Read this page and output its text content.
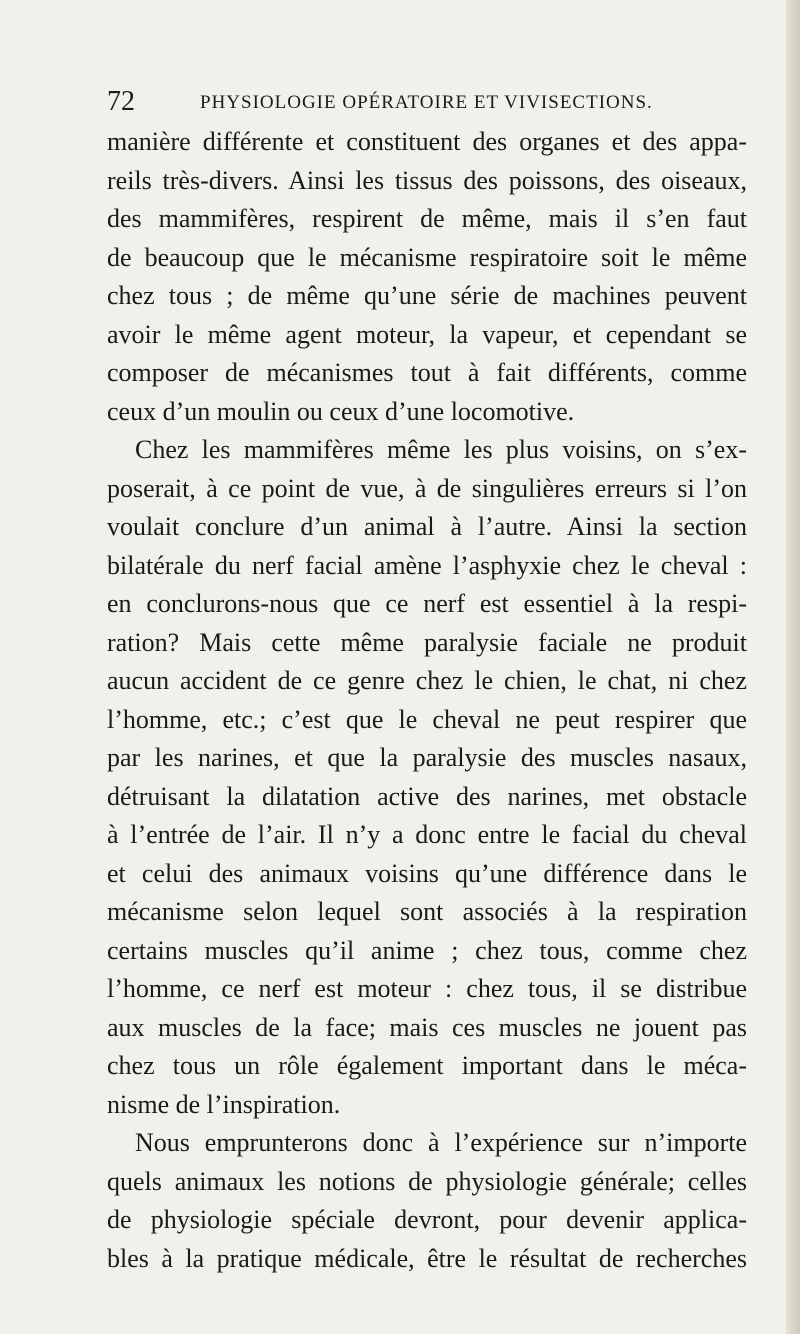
72	PHYSIOLOGIE OPÉRATOIRE ET VIVISECTIONS.
manière différente et constituent des organes et des appa-
reils très-divers. Ainsi les tissus des poissons, des oiseaux,
des mammifères, respirent de même, mais il s’en faut
de beaucoup que le mécanisme respiratoire soit le même
chez tous ; de même qu’une série de machines peuvent
avoir le même agent moteur, la vapeur, et cependant se
composer de mécanismes tout à fait différents, comme
ceux d’un moulin ou ceux d’une locomotive.
Chez les mammifères même les plus voisins, on s’ex-
poserait, à ce point de vue, à de singulières erreurs si l’on
voulait conclure d’un animal à l’autre. Ainsi la section
bilatérale du nerf facial amène l’asphyxie chez le cheval :
en conclurons-nous que ce nerf est essentiel à la respi-
ration? Mais cette même paralysie faciale ne produit
aucun accident de ce genre chez le chien, le chat, ni chez
l’homme, etc.; c’est que le cheval ne peut respirer que
par les narines, et que la paralysie des muscles nasaux,
détruisant la dilatation active des narines, met obstacle
à l’entrée de l’air. Il n’y a donc entre le facial du cheval
et celui des animaux voisins qu’une différence dans le
mécanisme selon lequel sont associés à la respiration
certains muscles qu’il anime ; chez tous, comme chez
l’homme, ce nerf est moteur : chez tous, il se distribue
aux muscles de la face; mais ces muscles ne jouent pas
chez tous un rôle également important dans le méca-
nisme de l’inspiration.
Nous emprunterons donc à l’expérience sur n’importe
quels animaux les notions de physiologie générale; celles
de physiologie spéciale devront, pour devenir applica-
bles à la pratique médicale, être le résultat de recherches
